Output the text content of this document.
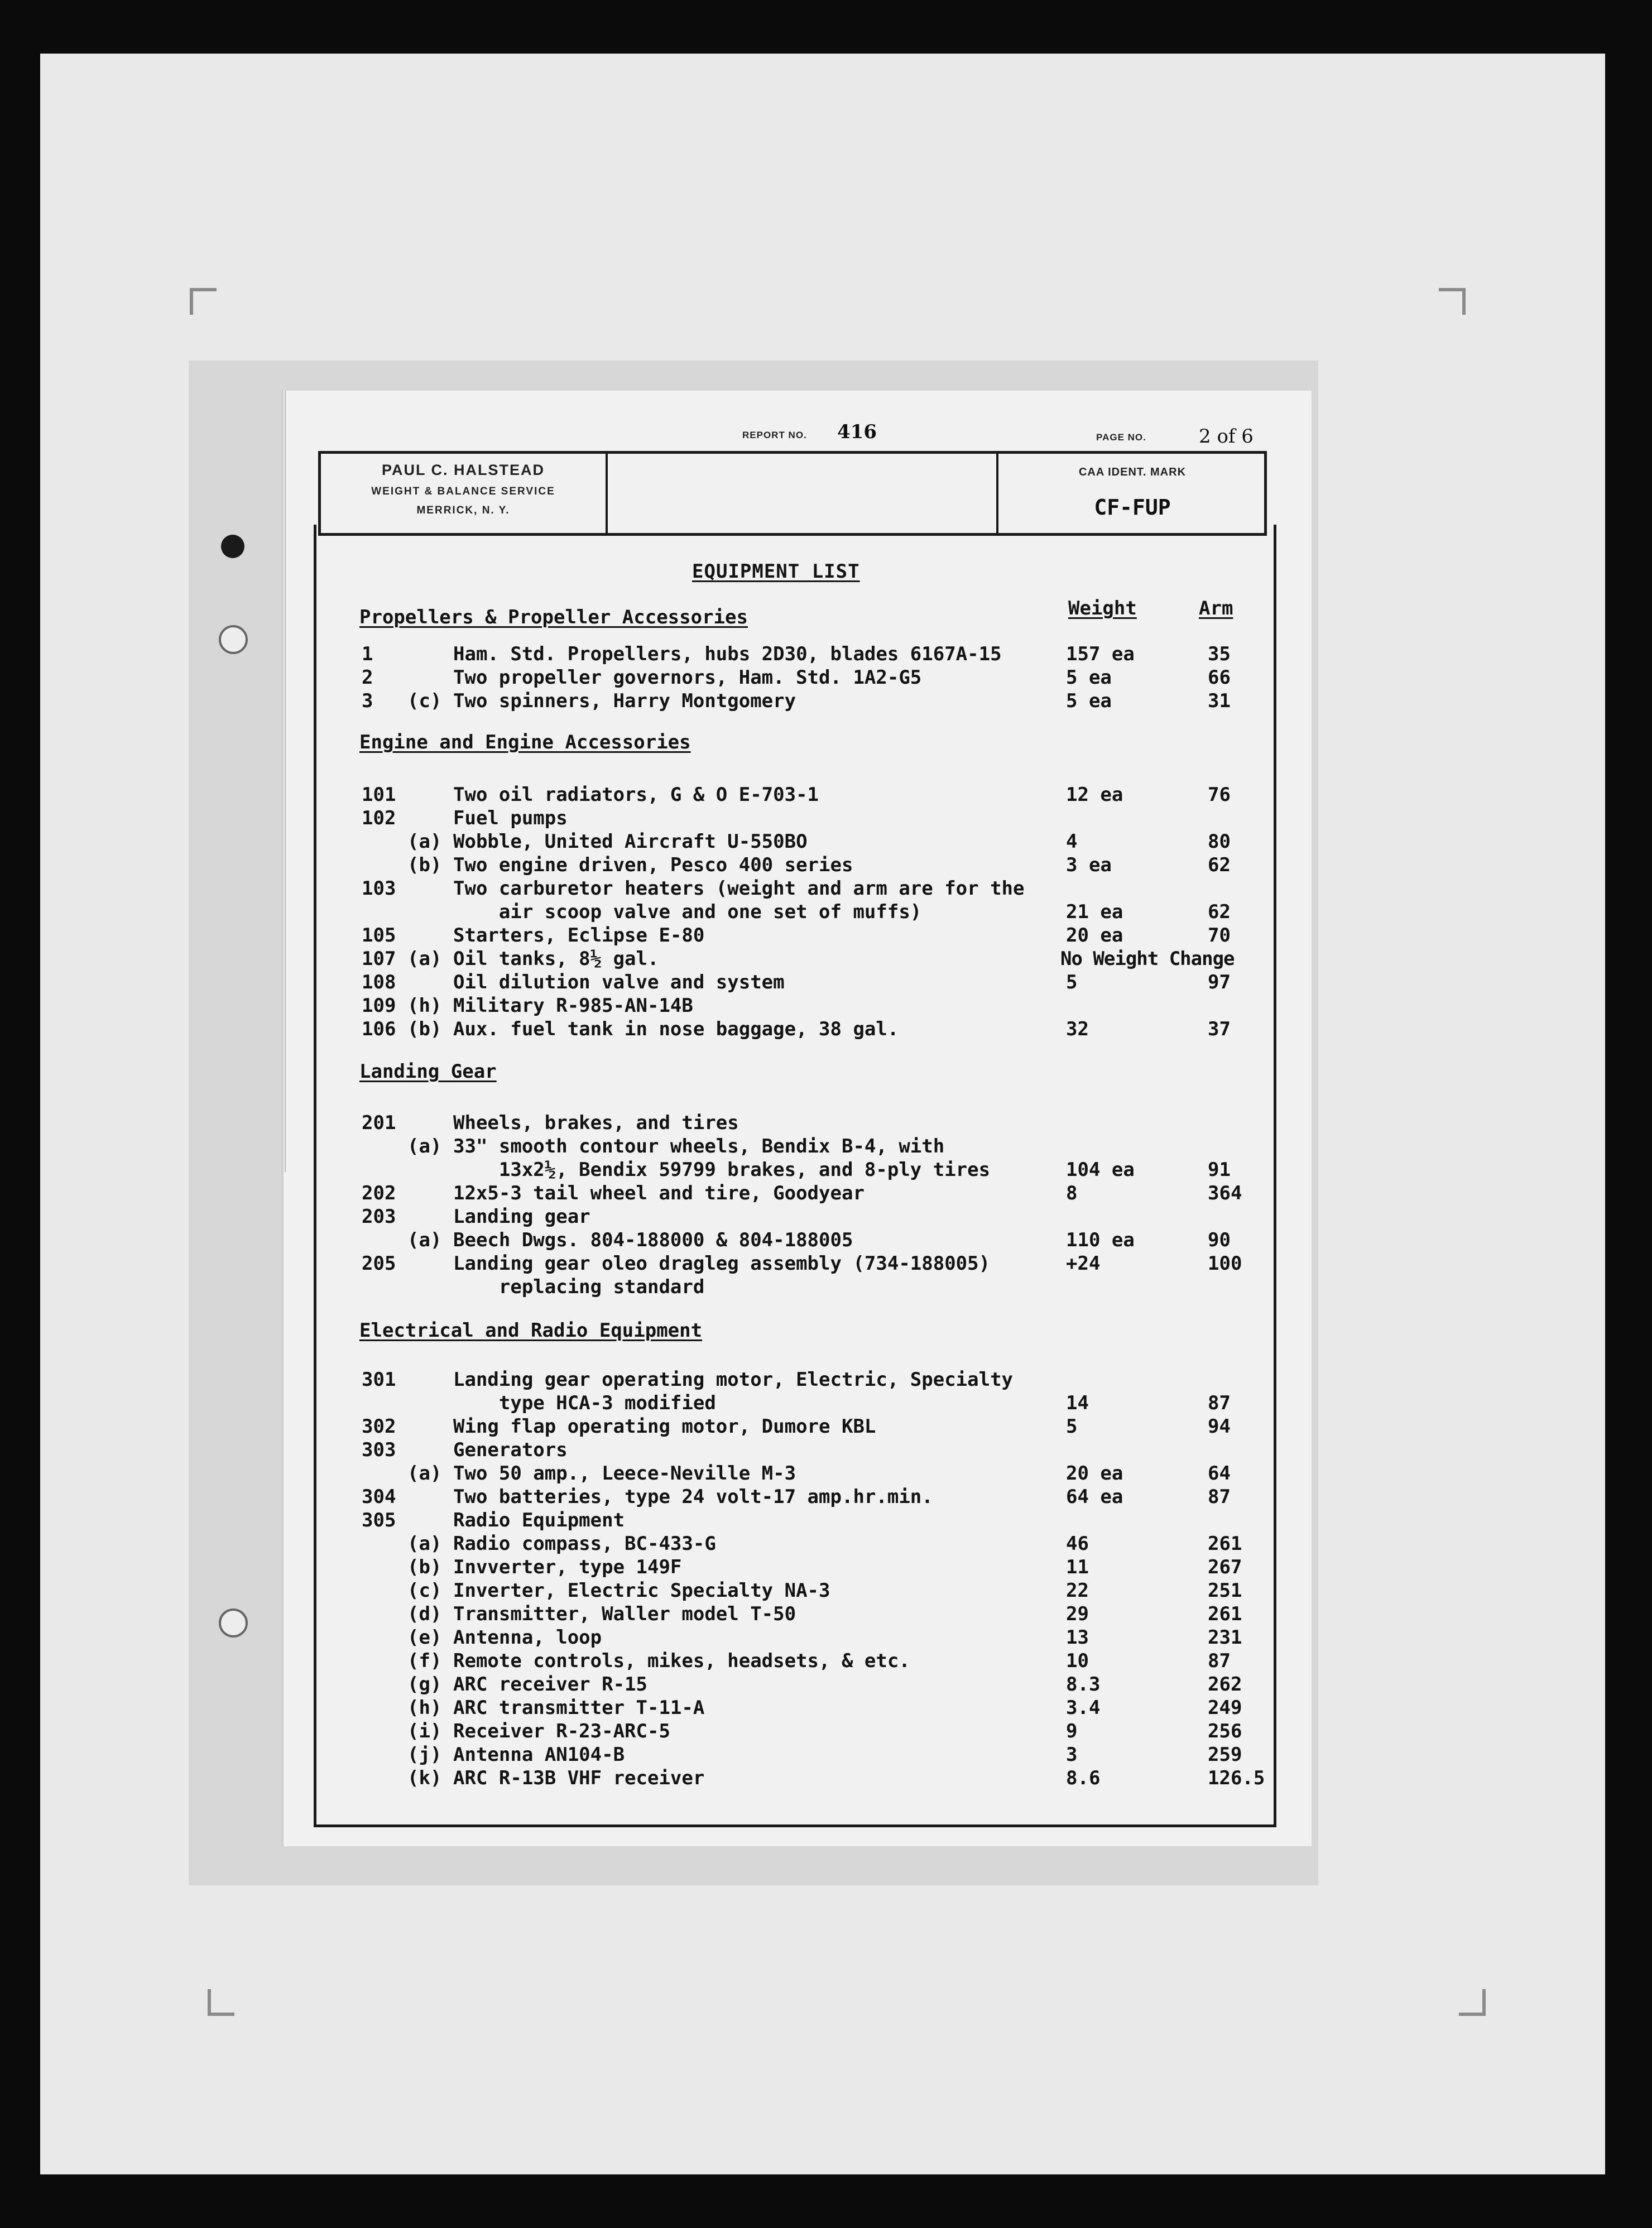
REPORT NO. 416	PAGE NO.	2 of 6
PAUL C. HALSTEAD
WEIGHT & BALANCE SERVICE
MERRICK, N. Y.
CAA IDENT. MARK
CF-FUP
EQUIPMENT LIST
Weight	Arm
Propellers & Propeller Accessories
1	Ham. Std. Propellers, hubs 2D30, blades 6167A-15	157 ea	35
2	Two propeller governors, Ham. Std. 1A2-G5	5 ea	66
3 (c) Two spinners, Harry Montgomery	5 ea	31
Engine and Engine Accessories
101	Two oil radiators, G & O E-703-1	12 ea	76
102	Fuel pumps
(a) Wobble, United Aircraft U-550BO	4	80
(b) Two engine driven, Pesco 400 series	3 ea	62
103	Two carburetor heaters (weight and arm are for the
air scoop valve and one set of muffs)	21 ea	62
105	Starters, Eclipse E-80	20 ea	70
107 (a) Oil tanks, 8½ gal.	No Weight Change
108	Oil dilution valve and system	5	97
109 (h) Military R-985-AN-14B
106 (b) Aux. fuel tank in nose baggage, 38 gal.	32	37
Landing Gear
201	Wheels, brakes, and tires
(a) 33" smooth contour wheels, Bendix B-4, with
13x2½, Bendix 59799 brakes, and 8-ply tires	104 ea	91
202	12x5-3 tail wheel and tire, Goodyear	8	364
203	Landing gear
(a) Beech Dwgs. 804-188000 & 804-188005	110 ea	90
205	Landing gear oleo dragleg assembly (734-188005)	+24	100
replacing standard
Electrical and Radio Equipment
301	Landing gear operating motor, Electric, Specialty
type HCA-3 modified	14	87
302	Wing flap operating motor, Dumore KBL	5	94
303	Generators
(a) Two 50 amp., Leece-Neville M-3	20 ea	64
304	Two batteries, type 24 volt-17 amp.hr.min.	64 ea	87
305	Radio Equipment
(a) Radio compass, BC-433-G	46	261
(b) Invverter, type 149F	11	267
(c) Inverter, Electric Specialty NA-3	22	251
(d) Transmitter, Waller model T-50	29	261
(e) Antenna, loop	13	231
(f) Remote controls, mikes, headsets, & etc.	10	87
(g) ARC receiver R-15	8.3	262
(h) ARC transmitter T-11-A	3.4	249
(i) Receiver R-23-ARC-5	9	256
(j) Antenna AN104-B	3	259
(k) ARC R-13B VHF receiver	8.6	126.5
